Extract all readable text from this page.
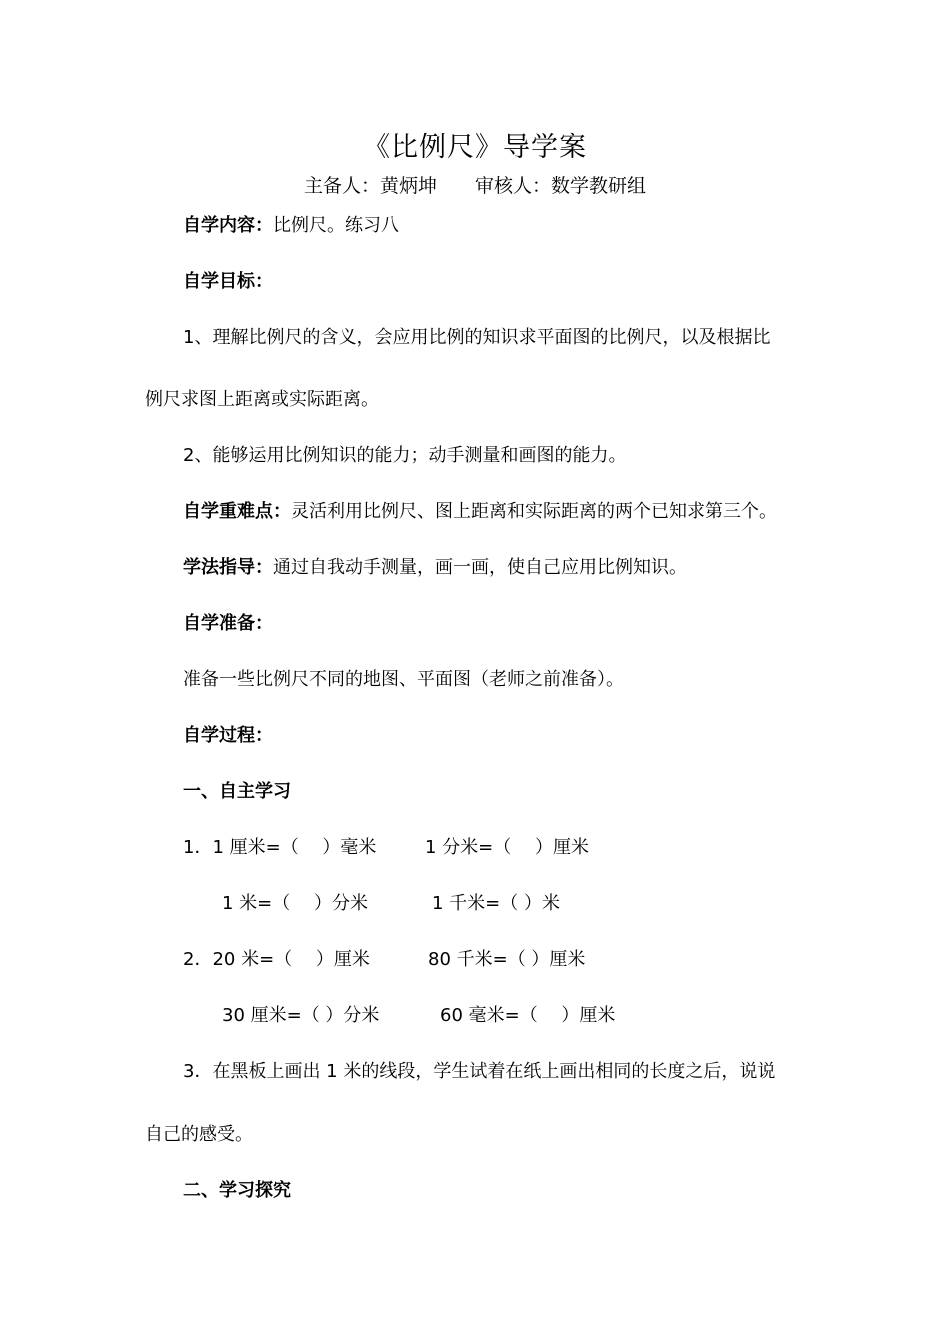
《比例尺》导学案
主备人：黄炳坤 审核人：数学教研组
自学内容：比例尺。练习八
自学目标：
1、理解比例尺的含义，会应用比例的知识求平面图的比例尺，以及根据比
例尺求图上距离或实际距离。
2、能够运用比例知识的能力；动手测量和画图的能力。
自学重难点：灵活利用比例尺、图上距离和实际距离的两个已知求第三个。
学法指导：通过自我动手测量，画一画，使自己应用比例知识。
自学准备：
准备一些比例尺不同的地图、平面图（老师之前准备）。
自学过程：
一、自主学习
1．1 厘米=（　 ）毫米	1 分米=（　 ）厘米
1 米=（　 ）分米	1 千米=（ ）米
2．20 米=（　 ）厘米	80 千米=（ ）厘米
30 厘米=（ ）分米	60 毫米=（　 ）厘米
3．在黑板上画出 1 米的线段，学生试着在纸上画出相同的长度之后，说说
自己的感受。
二、学习探究
